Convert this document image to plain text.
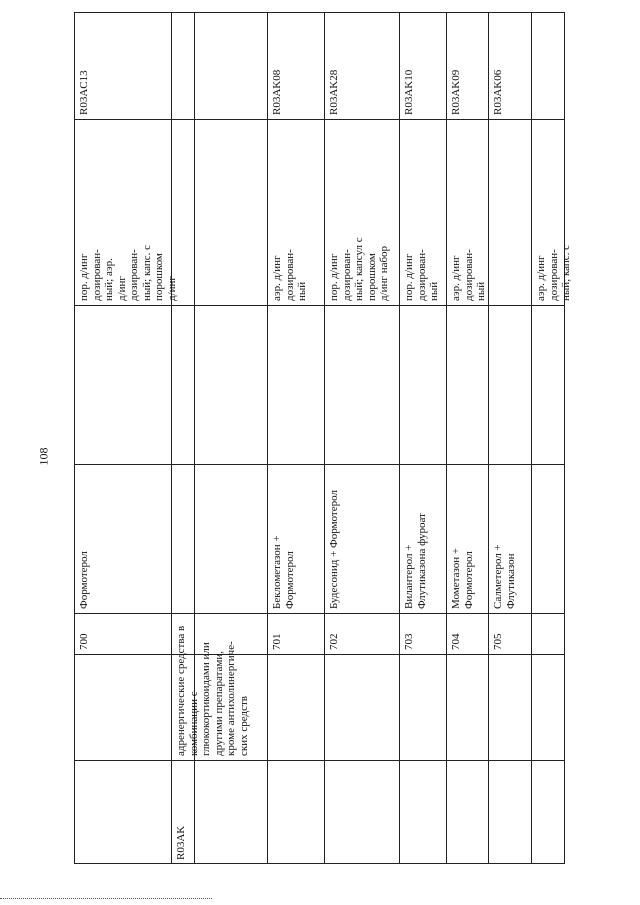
108
R03AC13
пор. д/инг
дозирован-
ный; аэр.
д/инг
дозирован-
ный; капс. с
порошком
д/инг
Формотерол
700
адренергические средства в
комбинации с
глюкокортикоидами или
другими препаратами,
кроме антихолинергиче-
ских средств
R03AK
R03AK08
аэр. д/инг
дозирован-
ный
Беклометазон +
Формотерол
701
R03AK28
пор. д/инг
дозирован-
ный; капсул с
порошком
д/инг набор
Будесонид + Формотерол
702
R03AK10
пор. д/инг
дозирован-
ный
Вилантерол +
Флутиказона фуроат
703
R03AK09
аэр. д/инг
дозирован-
ный
Мометазон +
Формотерол
704
R03AK06
Салметерол +
Флутиказон
705
аэр. д/инг
дозирован-
ный; капс. с
